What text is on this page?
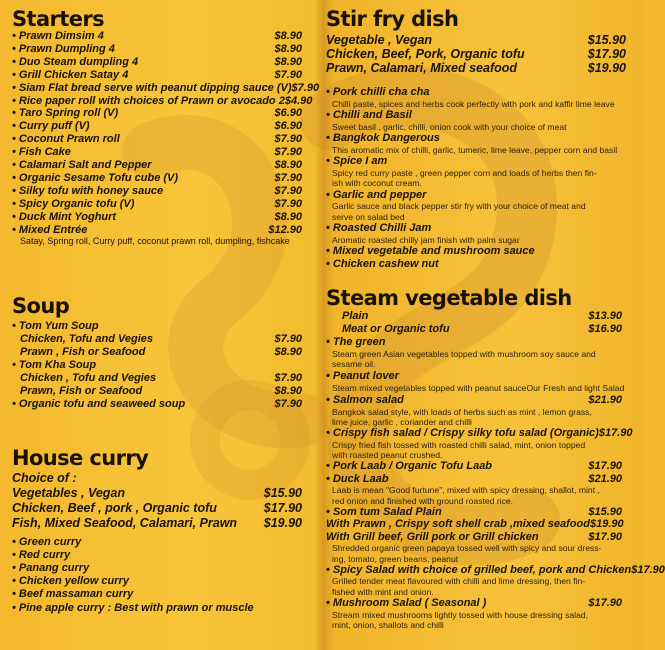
Starters
• Prawn Dimsim 4	$8.90
• Prawn Dumpling 4	$8.90
• Duo Steam dumpling 4	$8.90
• Grill Chicken Satay 4	$7.90
• Siam Flat bread serve with peanut dipping sauce (V) $7.90
• Rice paper roll with choices of Prawn or avocado 2 $4.90
• Taro Spring roll (V)	$6.90
• Curry puff (V)	$6.90
• Coconut Prawn roll	$7.90
• Fish Cake	$7.90
• Calamari Salt and Pepper	$8.90
• Organic Sesame Tofu cube (V)	$7.90
• Silky tofu with honey sauce	$7.90
• Spicy Organic tofu (V)	$7.90
• Duck Mint Yoghurt	$8.90
• Mixed Entrée	$12.90
Satay, Spring roll, Curry puff, coconut prawn roll, dumpling, fishcake
Soup
• Tom Yum Soup
Chicken, Tofu and Vegies	$7.90
Prawn , Fish or Seafood	$8.90
• Tom Kha Soup
Chicken , Tofu and Vegies	$7.90
Prawn, Fish or Seafood	$8.90
• Organic tofu and seaweed soup	$7.90
House curry
Choice of :
Vegetables , Vegan	$15.90
Chicken, Beef , pork , Organic tofu	$17.90
Fish, Mixed Seafood, Calamari, Prawn $19.90
• Green curry
• Red curry
• Panang curry
• Chicken yellow curry
• Beef massaman curry
• Pine apple curry : Best with prawn or muscle
Stir fry dish
Vegetable , Vegan	$15.90
Chicken, Beef, Pork, Organic tofu	$17.90
Prawn, Calamari, Mixed seafood	$19.90
• Pork chilli cha cha
Chilli paste, spices and herbs cook perfectly with pork and kaffir lime leave
• Chilli and Basil
Sweet basil , garlic, chilli, onion cook with your choice of meat
• Bangkok Dangerous
This aromatic mix of chilli, garlic, tumeric, lime leave, pepper corn and basil
• Spice I am
Spicy red curry paste , green pepper corn and loads of herbs then fin-
ish with coconut cream.
• Garlic and pepper
Garlic sauce and black pepper stir fry with your choice of meat and
serve on salad bed
• Roasted Chilli Jam
Aromatic roasted chilly jam finish with palm sugar
• Mixed vegetable and mushroom sauce
• Chicken cashew nut
Steam vegetable dish
Plain	$13.90
Meat or Organic tofu	$16.90
• The green
Steam green Asian vegetables topped with mushroom soy sauce and
sesame oil.
• Peanut lover
Steam mixed vegetables topped with peanut sauceOur Fresh and light Salad
• Salmon salad	$21.90
Bangkok salad style, with loads of herbs such as mint , lemon grass,
lime juice, garlic , coriander and chilli
• Crispy fish salad / Crispy silky tofu salad (Organic) $17.90
Crispy fried fish tossed with roasted chilli salad, mint, onion topped
with roasted peanut crushed.
• Pork Laab / Organic Tofu Laab	$17.90
• Duck Laab	$21.90
Laab is mean "Good furtune", mixed with spicy dressing, shallot, mint ,
red onion and finished with ground roasted rice.
• Som tum Salad Plain	$15.90
With Prawn , Crispy soft shell crab ,mixed seafood $19.90
With Grill beef, Grill pork or Grill chicken	$17.90
Shredded organic green papaya tossed well with spicy and sour dress-
ing, tomato, green beans, peanut
• Spicy Salad with choice of grilled beef, pork and Chicken $17.90
Grilled tender meat flavoured with chilli and lime dressing, then fin-
fished with mint and onion.
• Mushroom Salad ( Seasonal )	$17.90
Stream mixed mushrooms lightly tossed with house dressing salad,
mint, onion, shallots and chilli
